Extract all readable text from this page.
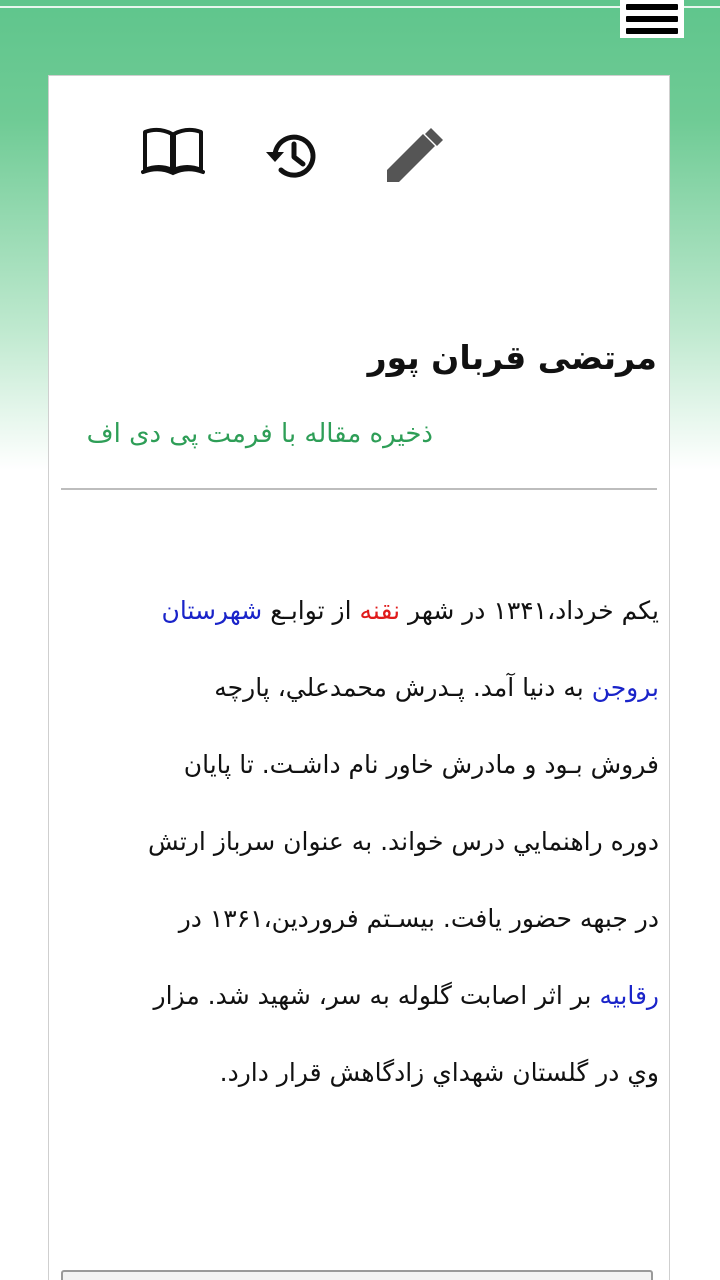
مرتضی قربان پور
ذخیره مقاله با فرمت پی دی اف
یکم خرداد،۱۳۴۱ در شهر نقنه از توابـع شهرستان
بروجن به دنیا آمد. پـدرش محمدعلي، پارچه
فروش بـود و مادرش خاور نام داشـت. تا پایان
دوره راهنمايي درس خواند. به عنوان سرباز ارتش
در جبهه حضور یافت. بیسـتم فروردین،۱۳۶۱ در
رقابیه بر اثر اصابت گلوله به سر، شهید شد. مزار
وي در گلستان شهداي زادگاهش قرار دارد.
